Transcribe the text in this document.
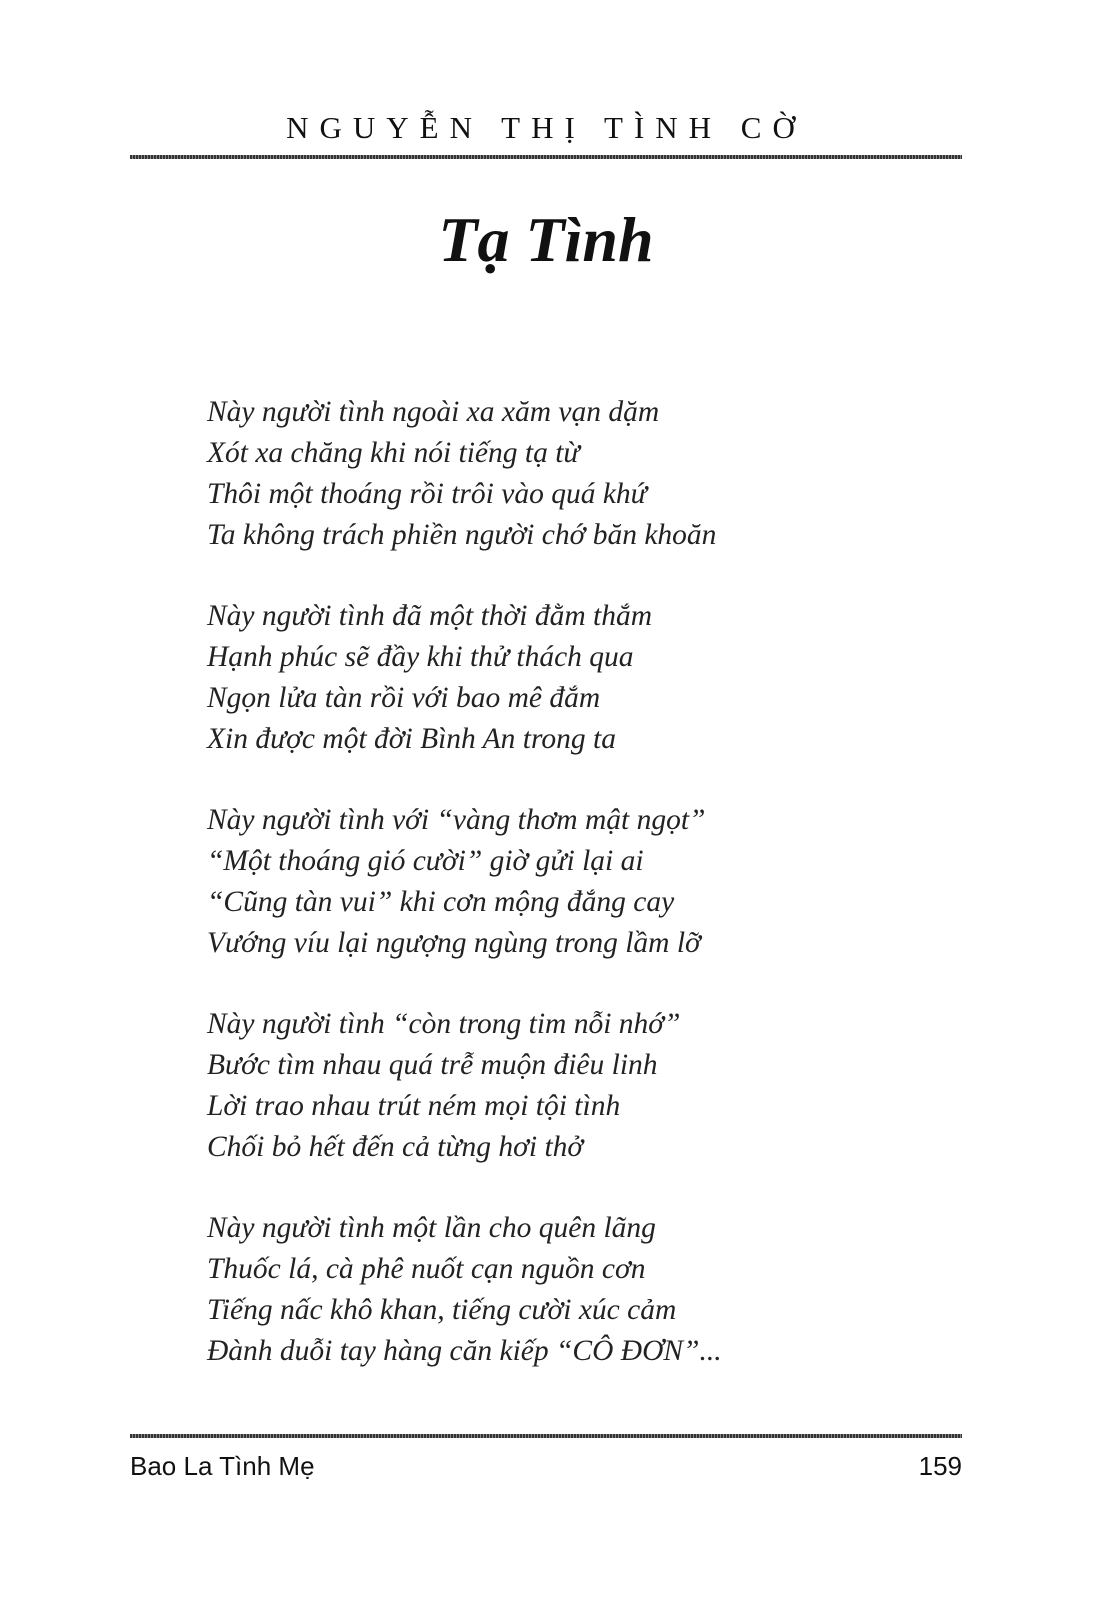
NGUYỄN THỊ TÌNH CỜ
Tạ Tình
Này người tình ngoài xa xăm vạn dặm
Xót xa chăng khi nói tiếng tạ từ
Thôi một thoáng rồi trôi vào quá khứ
Ta không trách phiền người chớ băn khoăn
Này người tình đã một thời đằm thắm
Hạnh phúc sẽ đầy khi thử thách qua
Ngọn lửa tàn rồi với bao mê đắm
Xin được một đời Bình An trong ta
Này người tình với “vàng thơm mật ngọt”
“Một thoáng gió cười” giờ gửi lại ai
“Cũng tàn vui” khi cơn mộng đắng cay
Vướng víu lại ngượng ngùng trong lầm lỡ
Này người tình “còn trong tim nỗi nhớ”
Bước tìm nhau quá trễ muộn điêu linh
Lời trao nhau trút ném mọi tội tình
Chối bỏ hết đến cả từng hơi thở
Này người tình một lần cho quên lãng
Thuốc lá, cà phê nuốt cạn nguồn cơn
Tiếng nấc khô khan, tiếng cười xúc cảm
Đành duỗi tay hàng căn kiếp “CÔ ĐƠN”...
Bao La Tình Mẹ	159
